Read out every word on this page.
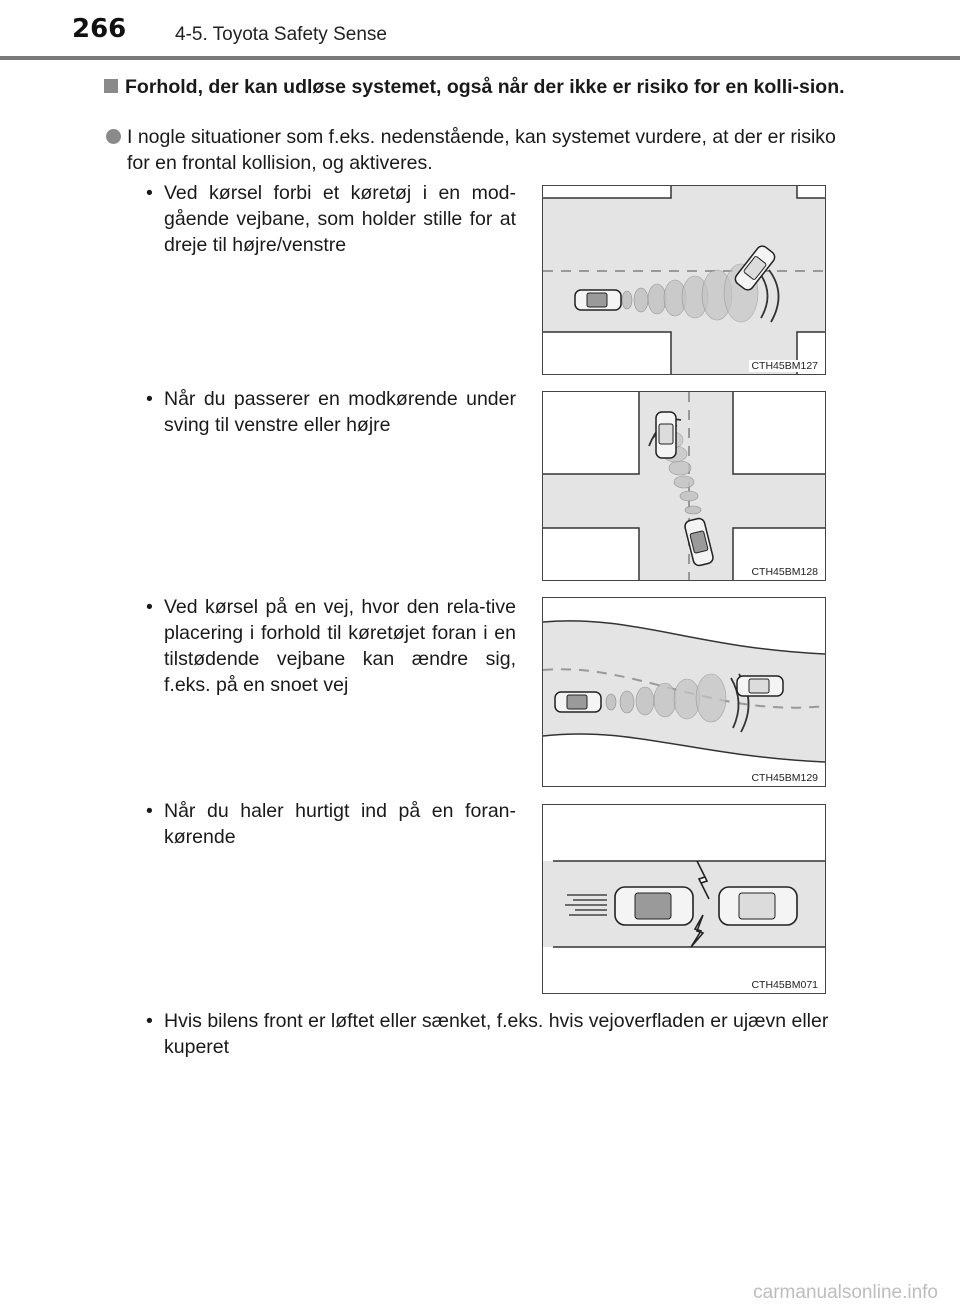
266	4-5. Toyota Safety Sense
Forhold, der kan udløse systemet, også når der ikke er risiko for en kolli-sion.
I nogle situationer som f.eks. nedenstående, kan systemet vurdere, at der er risiko for en frontal kollision, og aktiveres.
• Ved kørsel forbi et køretøj i en mod-gående vejbane, som holder stille for at dreje til højre/venstre
CTH45BM127
• Når du passerer en modkørende under sving til venstre eller højre
CTH45BM128
• Ved kørsel på en vej, hvor den rela-tive placering i forhold til køretøjet foran i en tilstødende vejbane kan ændre sig, f.eks. på en snoet vej
CTH45BM129
• Når du haler hurtigt ind på en foran-kørende
CTH45BM071
• Hvis bilens front er løftet eller sænket, f.eks. hvis vejoverfladen er ujævn eller kuperet
carmanualsonline.info
